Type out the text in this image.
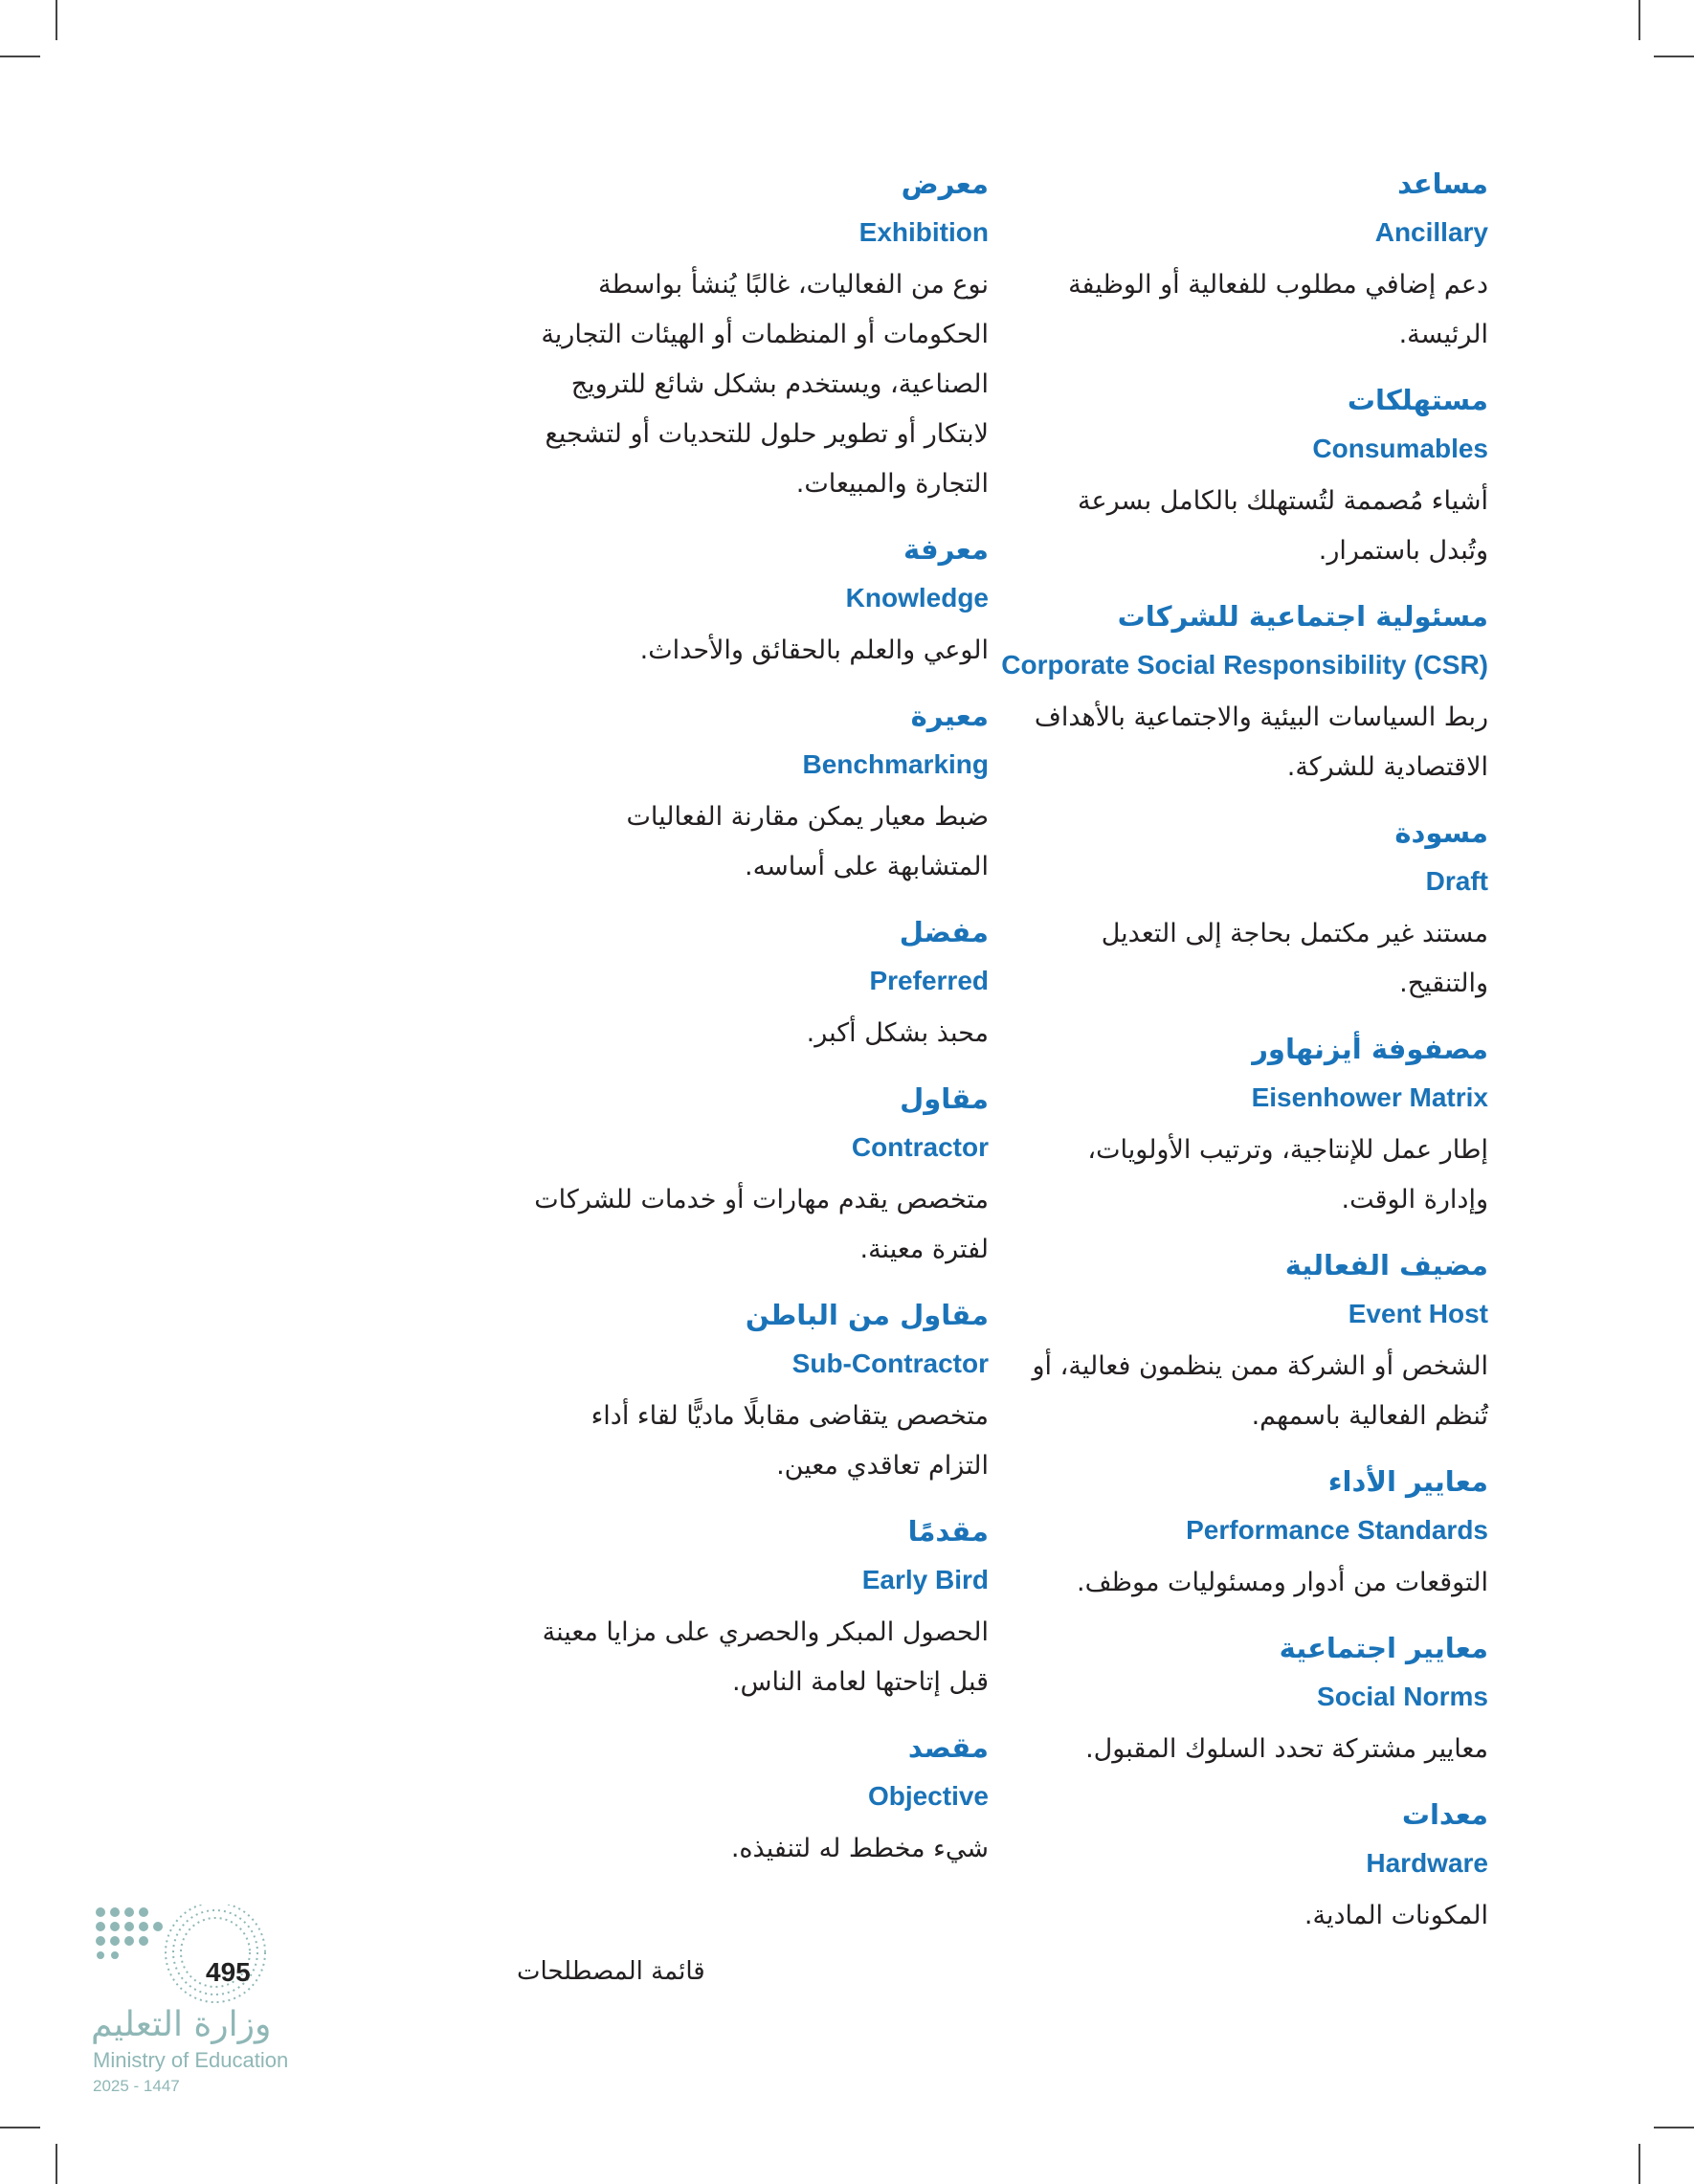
مساعد
Ancillary
دعم إضافي مطلوب للفعالية أو الوظيفة
الرئيسة.
مستهلكات
Consumables
أشياء مُصممة لتُستهلك بالكامل بسرعة
وتُبدل باستمرار.
مسئولية اجتماعية للشركات
Corporate Social Responsibility (CSR)
ربط السياسات البيئية والاجتماعية بالأهداف
الاقتصادية للشركة.
مسودة
Draft
مستند غير مكتمل بحاجة إلى التعديل
والتنقيح.
مصفوفة أيزنهاور
Eisenhower Matrix
إطار عمل للإنتاجية، وترتيب الأولويات،
وإدارة الوقت.
مضيف الفعالية
Event Host
الشخص أو الشركة ممن ينظمون فعالية، أو
تُنظم الفعالية باسمهم.
معايير الأداء
Performance Standards
التوقعات من أدوار ومسئوليات موظف.
معايير اجتماعية
Social Norms
معايير مشتركة تحدد السلوك المقبول.
معدات
Hardware
المكونات المادية.
معرض
Exhibition
نوع من الفعاليات، غالبًا يُنشأ بواسطة
الحكومات أو المنظمات أو الهيئات التجارية
الصناعية، ويستخدم بشكل شائع للترويج
لابتكار أو تطوير حلول للتحديات أو لتشجيع
التجارة والمبيعات.
معرفة
Knowledge
الوعي والعلم بالحقائق والأحداث.
معيرة
Benchmarking
ضبط معيار يمكن مقارنة الفعاليات
المتشابهة على أساسه.
مفضل
Preferred
محبذ بشكل أكبر.
مقاول
Contractor
متخصص يقدم مهارات أو خدمات للشركات
لفترة معينة.
مقاول من الباطن
Sub-Contractor
متخصص يتقاضى مقابلًا ماديًّا لقاء أداء
التزام تعاقدي معين.
مقدمًا
Early Bird
الحصول المبكر والحصري على مزايا معينة
قبل إتاحتها لعامة الناس.
مقصد
Objective
شيء مخطط له لتنفيذه.
495
وزارة التعليم
Ministry of Education
2025 - 1447
قائمة المصطلحات
